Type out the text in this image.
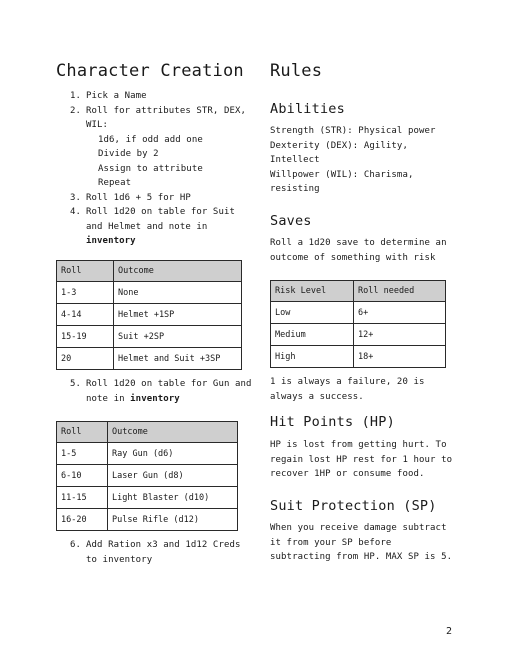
Character Creation
1. Pick a Name
2. Roll for attributes STR, DEX, WIL:
1d6, if odd add one
Divide by 2
Assign to attribute
Repeat
3. Roll 1d6 + 5 for HP
4. Roll 1d20 on table for Suit and Helmet and note in inventory
Roll	Outcome
1-3	None
4-14	Helmet +1SP
15-19	Suit +2SP
20	Helmet and Suit +3SP
5. Roll 1d20 on table for Gun and note in inventory
Roll	Outcome
1-5	Ray Gun (d6)
6-10	Laser Gun (d8)
11-15	Light Blaster (d10)
16-20	Pulse Rifle (d12)
6. Add Ration x3 and 1d12 Creds to inventory
Rules
Abilities
Strength (STR): Physical power
Dexterity (DEX): Agility, Intellect
Willpower (WIL): Charisma, resisting
Saves
Roll a 1d20 save to determine an outcome of something with risk
Risk Level	Roll needed
Low	6+
Medium	12+
High	18+
1 is always a failure, 20 is always a success.
Hit Points (HP)
HP is lost from getting hurt. To regain lost HP rest for 1 hour to recover 1HP or consume food.
Suit Protection (SP)
When you receive damage subtract it from your SP before subtracting from HP. MAX SP is 5.
2
